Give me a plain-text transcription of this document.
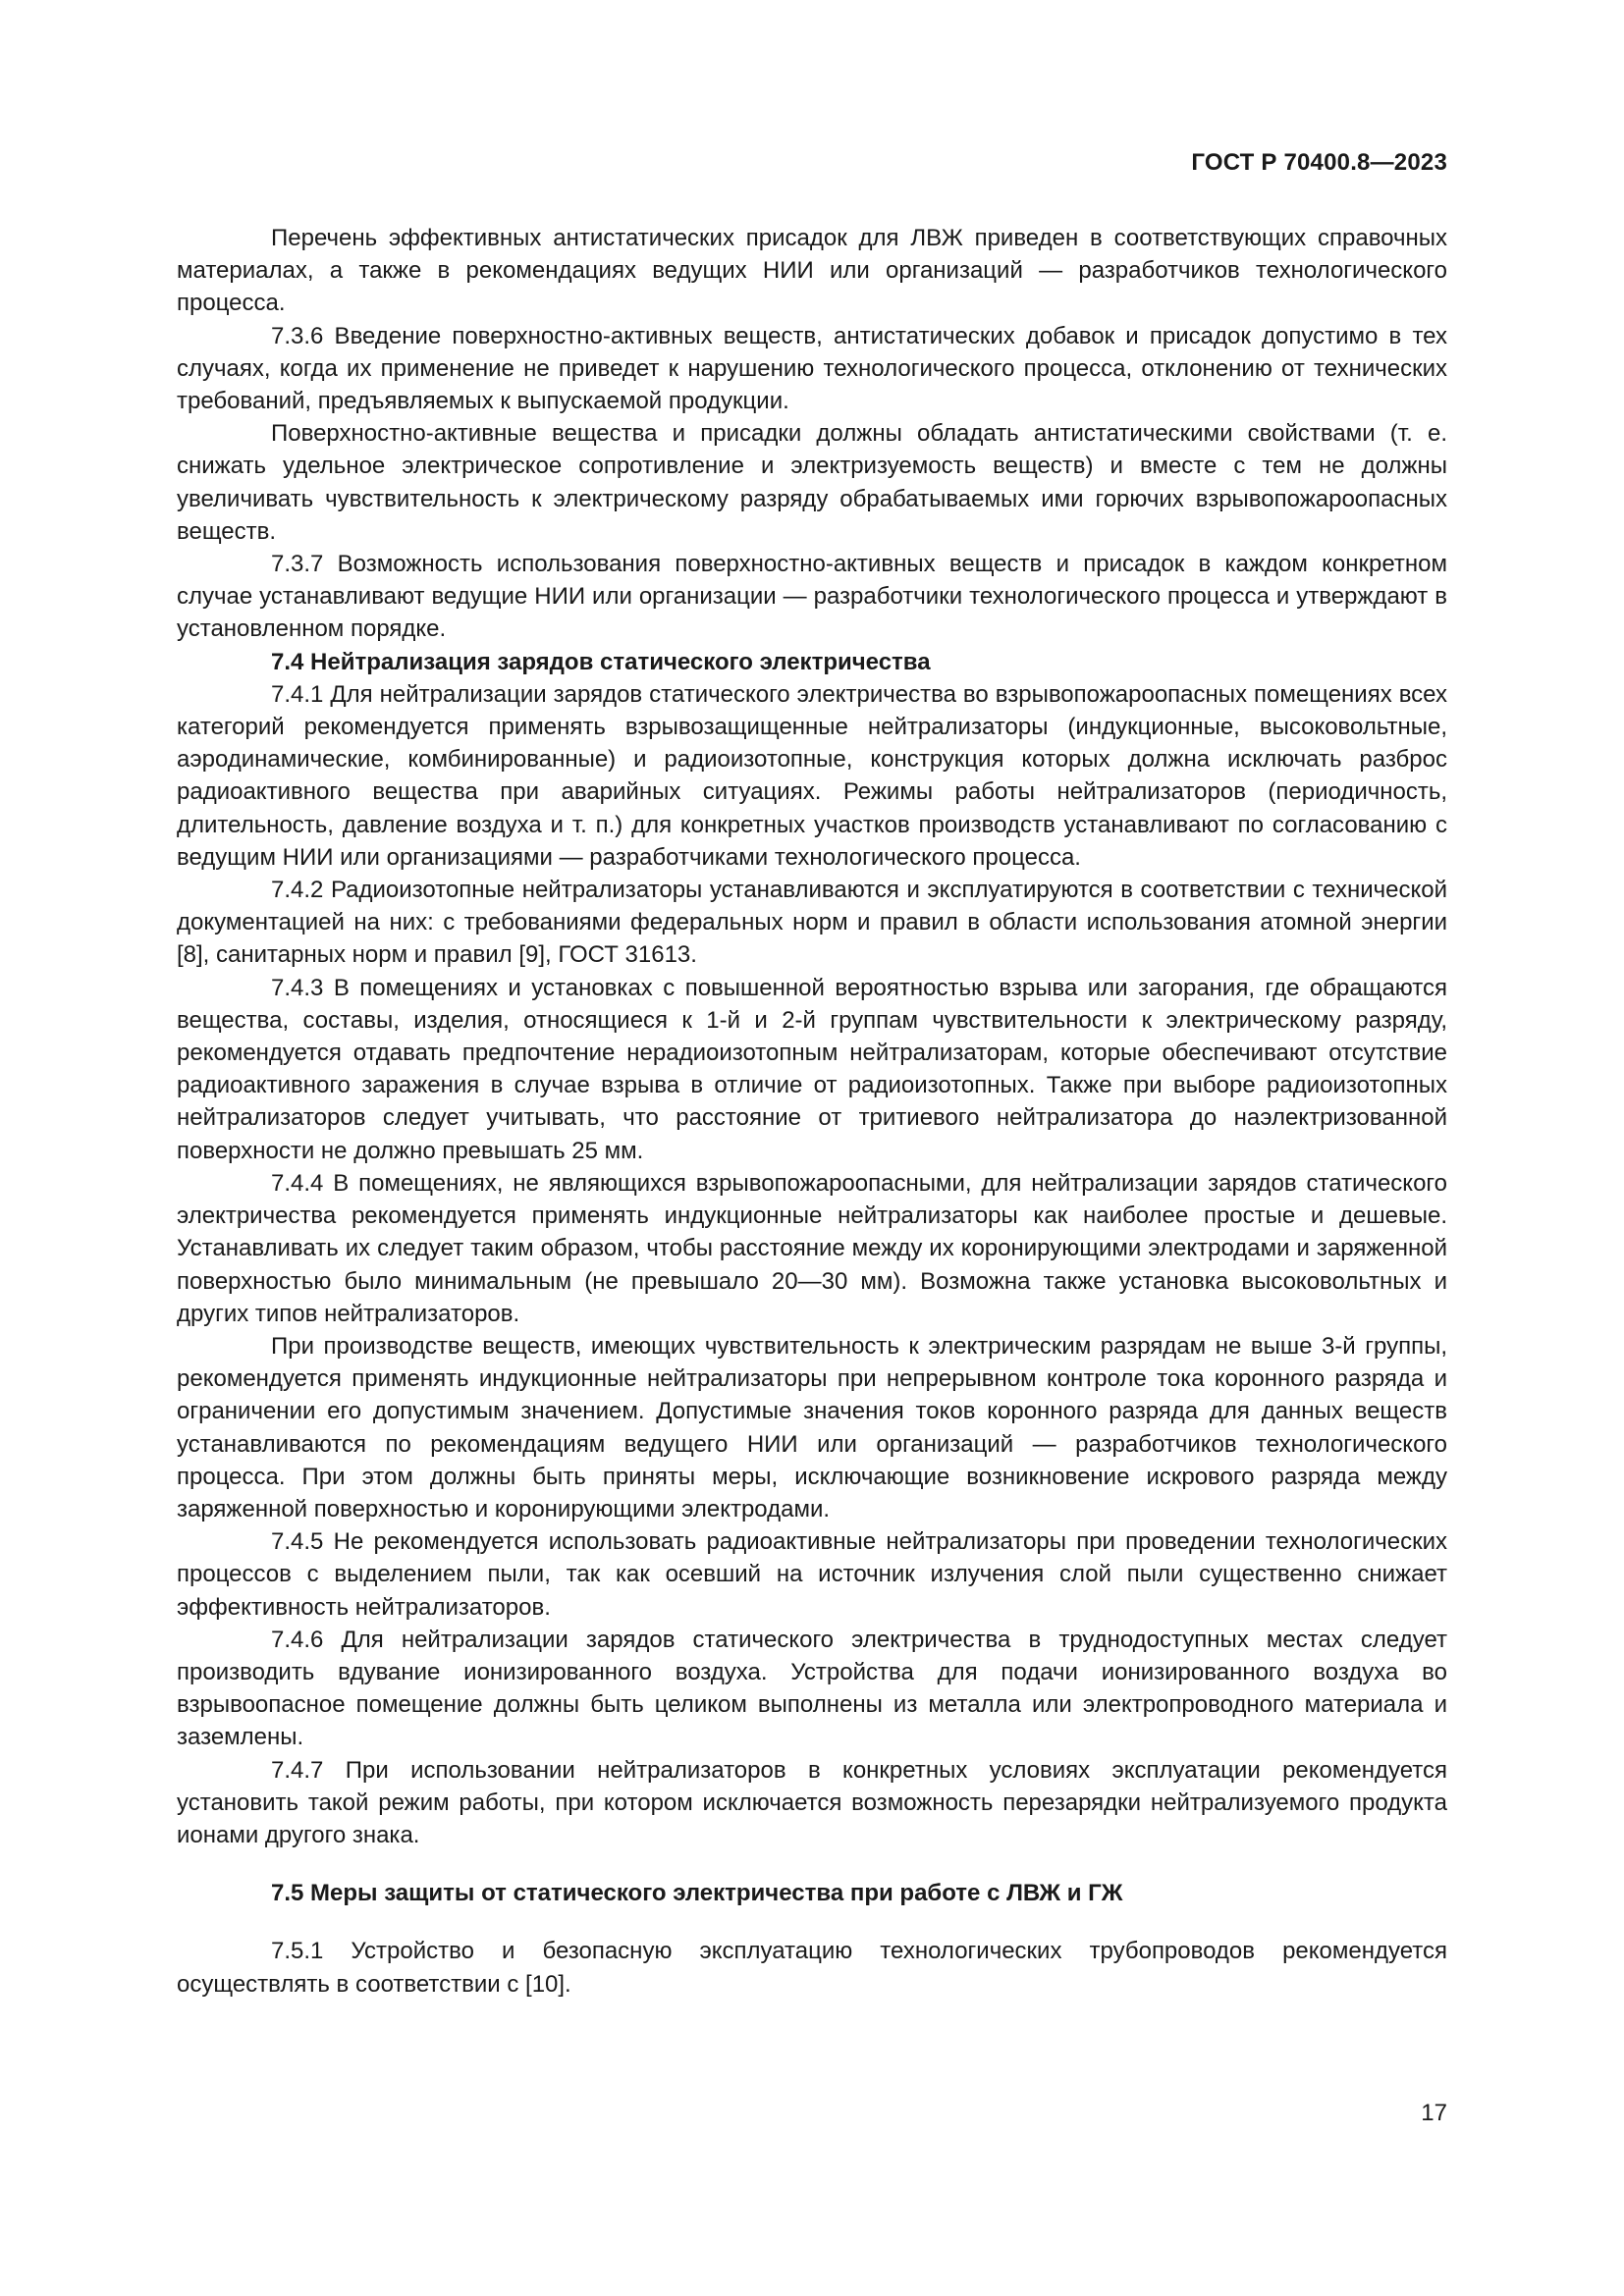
ГОСТ Р 70400.8—2023

Перечень эффективных антистатических присадок для ЛВЖ приведен в соответствующих справочных материалах, а также в рекомендациях ведущих НИИ или организаций — разработчиков технологического процесса.

7.3.6 Введение поверхностно-активных веществ, антистатических добавок и присадок допустимо в тех случаях, когда их применение не приведет к нарушению технологического процесса, отклонению от технических требований, предъявляемых к выпускаемой продукции.

Поверхностно-активные вещества и присадки должны обладать антистатическими свойствами (т. е. снижать удельное электрическое сопротивление и электризуемость веществ) и вместе с тем не должны увеличивать чувствительность к электрическому разряду обрабатываемых ими горючих взрывопожароопасных веществ.

7.3.7 Возможность использования поверхностно-активных веществ и присадок в каждом конкретном случае устанавливают ведущие НИИ или организации — разработчики технологического процесса и утверждают в установленном порядке.

7.4 Нейтрализация зарядов статического электричества

7.4.1 Для нейтрализации зарядов статического электричества во взрывопожароопасных помещениях всех категорий рекомендуется применять взрывозащищенные нейтрализаторы (индукционные, высоковольтные, аэродинамические, комбинированные) и радиоизотопные, конструкция которых должна исключать разброс радиоактивного вещества при аварийных ситуациях. Режимы работы нейтрализаторов (периодичность, длительность, давление воздуха и т. п.) для конкретных участков производств устанавливают по согласованию с ведущим НИИ или организациями — разработчиками технологического процесса.

7.4.2 Радиоизотопные нейтрализаторы устанавливаются и эксплуатируются в соответствии с технической документацией на них: с требованиями федеральных норм и правил в области использования атомной энергии [8], санитарных норм и правил [9], ГОСТ 31613.

7.4.3 В помещениях и установках с повышенной вероятностью взрыва или загорания, где обращаются вещества, составы, изделия, относящиеся к 1-й и 2-й группам чувствительности к электрическому разряду, рекомендуется отдавать предпочтение нерадиоизотопным нейтрализаторам, которые обеспечивают отсутствие радиоактивного заражения в случае взрыва в отличие от радиоизотопных. Также при выборе радиоизотопных нейтрализаторов следует учитывать, что расстояние от тритиевого нейтрализатора до наэлектризованной поверхности не должно превышать 25 мм.

7.4.4 В помещениях, не являющихся взрывопожароопасными, для нейтрализации зарядов статического электричества рекомендуется применять индукционные нейтрализаторы как наиболее простые и дешевые. Устанавливать их следует таким образом, чтобы расстояние между их коронирующими электродами и заряженной поверхностью было минимальным (не превышало 20—30 мм). Возможна также установка высоковольтных и других типов нейтрализаторов.

При производстве веществ, имеющих чувствительность к электрическим разрядам не выше 3-й группы, рекомендуется применять индукционные нейтрализаторы при непрерывном контроле тока коронного разряда и ограничении его допустимым значением. Допустимые значения токов коронного разряда для данных веществ устанавливаются по рекомендациям ведущего НИИ или организаций — разработчиков технологического процесса. При этом должны быть приняты меры, исключающие возникновение искрового разряда между заряженной поверхностью и коронирующими электродами.

7.4.5 Не рекомендуется использовать радиоактивные нейтрализаторы при проведении технологических процессов с выделением пыли, так как осевший на источник излучения слой пыли существенно снижает эффективность нейтрализаторов.

7.4.6 Для нейтрализации зарядов статического электричества в труднодоступных местах следует производить вдувание ионизированного воздуха. Устройства для подачи ионизированного воздуха во взрывоопасное помещение должны быть целиком выполнены из металла или электропроводного материала и заземлены.

7.4.7 При использовании нейтрализаторов в конкретных условиях эксплуатации рекомендуется установить такой режим работы, при котором исключается возможность перезарядки нейтрализуемого продукта ионами другого знака.

7.5 Меры защиты от статического электричества при работе с ЛВЖ и ГЖ

7.5.1 Устройство и безопасную эксплуатацию технологических трубопроводов рекомендуется осуществлять в соответствии с [10].

17
